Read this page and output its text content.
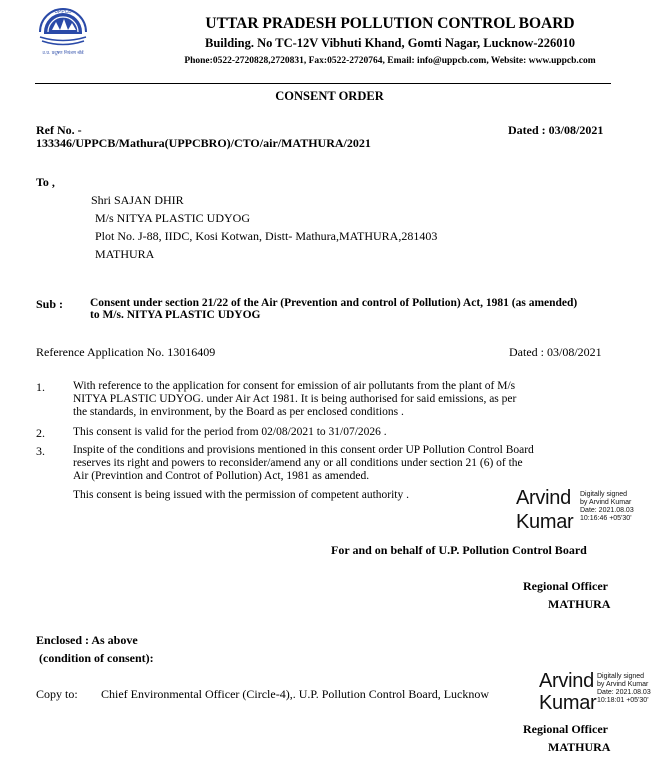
UPPCB
उ.प्र. प्रदूषण नियंत्रण बोर्ड
UTTAR PRADESH POLLUTION CONTROL BOARD
Building. No TC-12V Vibhuti Khand, Gomti Nagar, Lucknow-226010
Phone:0522-2720828,2720831, Fax:0522-2720764, Email: info@uppcb.com, Website: www.uppcb.com
CONSENT ORDER
Ref No. -
133346/UPPCB/Mathura(UPPCBRO)/CTO/air/MATHURA/2021
Dated : 03/08/2021
To ,
Shri SAJAN DHIR
M/s NITYA PLASTIC UDYOG
Plot No. J-88, IIDC, Kosi Kotwan, Distt- Mathura,MATHURA,281403
MATHURA
Sub : Consent under section 21/22 of the Air (Prevention and control of Pollution) Act, 1981 (as amended)
to M/s. NITYA PLASTIC UDYOG
Reference Application No. 13016409	Dated : 03/08/2021
1. With reference to the application for consent for emission of air pollutants from the plant of M/s
NITYA PLASTIC UDYOG. under Air Act 1981. It is being authorised for said emissions, as per
the standards, in environment, by the Board as per enclosed conditions .
2. This consent is valid for the period from 02/08/2021 to 31/07/2026 .
3. Inspite of the conditions and provisions mentioned in this consent order UP Pollution Control Board
reserves its right and powers to reconsider/amend any or all conditions under section 21 (6) of the
Air (Previntion and Controt of Pollution) Act, 1981 as amended.
This consent is being issued with the permission of competent authority .	Arvind
Kumar
Digitally signed
by Arvind Kumar
Date: 2021.08.03
10:16:46 +05'30'
For and on behalf of U.P. Pollution Control Board
Regional Officer
MATHURA
Enclosed : As above
(condition of consent):
Copy to: Chief Environmental Officer (Circle-4),. U.P. Pollution Control Board, Lucknow
Arvind
Kumar
Digitally signed
by Arvind Kumar
Date: 2021.08.03
10:18:01 +05'30'
Regional Officer
MATHURA
